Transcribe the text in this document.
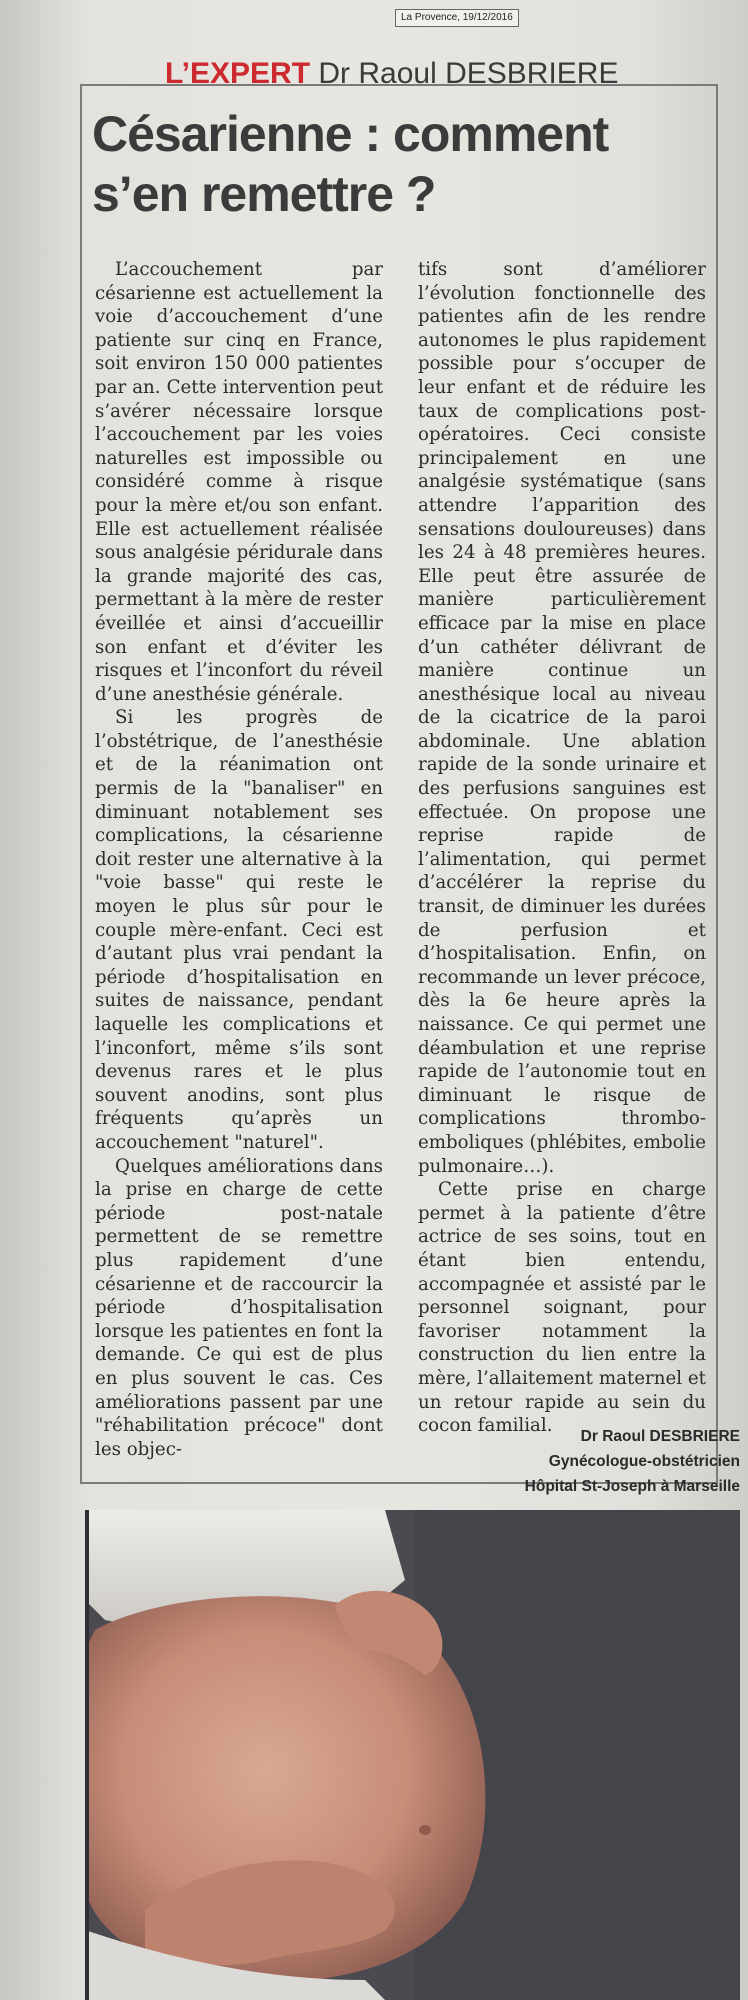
La Provence, 19/12/2016
L’EXPERT Dr Raoul DESBRIERE
Césarienne : comment s’en remettre ?

L’accouchement par césarienne est actuellement la voie d’accouchement d’une patiente sur cinq en France, soit environ 150 000 patientes par an. Cette intervention peut s’avérer nécessaire lorsque l’accouchement par les voies naturelles est impossible ou considéré comme à risque pour la mère et/ou son enfant. Elle est actuellement réalisée sous analgésie péridurale dans la grande majorité des cas, permettant à la mère de rester éveillée et ainsi d’accueillir son enfant et d’éviter les risques et l’inconfort du réveil d’une anesthésie générale.

Si les progrès de l’obstétrique, de l’anesthésie et de la réanimation ont permis de la "banaliser" en diminuant notablement ses complications, la césarienne doit rester une alternative à la "voie basse" qui reste le moyen le plus sûr pour le couple mère-enfant. Ceci est d’autant plus vrai pendant la période d’hospitalisation en suites de naissance, pendant laquelle les complications et l’inconfort, même s’ils sont devenus rares et le plus souvent anodins, sont plus fréquents qu’après un accouchement "naturel".

Quelques améliorations dans la prise en charge de cette période post-natale permettent de se remettre plus rapidement d’une césarienne et de raccourcir la période d’hospitalisation lorsque les patientes en font la demande. Ce qui est de plus en plus souvent le cas. Ces améliorations passent par une "réhabilitation précoce" dont les objec-

tifs sont d’améliorer l’évolution fonctionnelle des patientes afin de les rendre autonomes le plus rapidement possible pour s’occuper de leur enfant et de réduire les taux de complications post-opératoires. Ceci consiste principalement en une analgésie systématique (sans attendre l’apparition des sensations douloureuses) dans les 24 à 48 premières heures. Elle peut être assurée de manière particulièrement efficace par la mise en place d’un cathéter délivrant de manière continue un anesthésique local au niveau de la cicatrice de la paroi abdominale. Une ablation rapide de la sonde urinaire et des perfusions sanguines est effectuée. On propose une reprise rapide de l’alimentation, qui permet d’accélérer la reprise du transit, de diminuer les durées de perfusion et d’hospitalisation. Enfin, on recommande un lever précoce, dès la 6e heure après la naissance. Ce qui permet une déambulation et une reprise rapide de l’autonomie tout en diminuant le risque de complications thrombo-emboliques (phlébites, embolie pulmonaire…).

Cette prise en charge permet à la patiente d’être actrice de ses soins, tout en étant bien entendu, accompagnée et assisté par le personnel soignant, pour favoriser notamment la construction du lien entre la mère, l’allaitement maternel et un retour rapide au sein du cocon familial.

Dr Raoul DESBRIERE
Gynécologue-obstétricien
Hôpital St-Joseph à Marseille
